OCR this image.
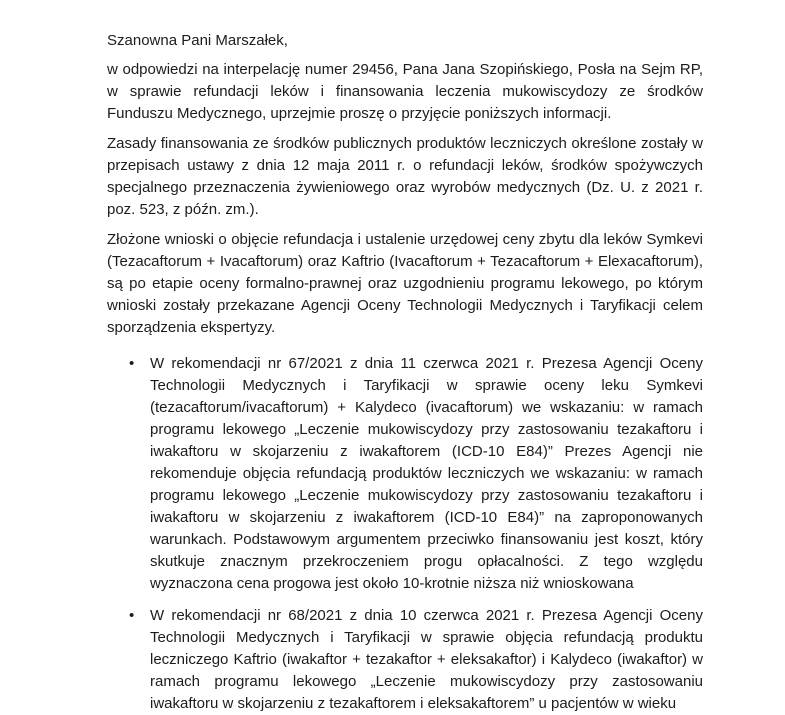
Szanowna Pani Marszałek,

w odpowiedzi na interpelację numer 29456, Pana Jana Szopińskiego, Posła na Sejm RP, w sprawie refundacji leków i finansowania leczenia mukowiscydozy ze środków Funduszu Medycznego, uprzejmie proszę o przyjęcie poniższych informacji.

Zasady finansowania ze środków publicznych produktów leczniczych określone zostały w przepisach ustawy z dnia 12 maja 2011 r. o refundacji leków, środków spożywczych specjalnego przeznaczenia żywieniowego oraz wyrobów medycznych (Dz. U. z 2021 r. poz. 523, z późn. zm.).

Złożone wnioski o objęcie refundacja i ustalenie urzędowej ceny zbytu dla leków Symkevi (Tezacaftorum + Ivacaftorum) oraz Kaftrio (Ivacaftorum + Tezacaftorum + Elexacaftorum), są po etapie oceny formalno-prawnej oraz uzgodnieniu programu lekowego, po którym wnioski zostały przekazane Agencji Oceny Technologii Medycznych i Taryfikacji celem sporządzenia ekspertyzy.

• W rekomendacji nr 67/2021 z dnia 11 czerwca 2021 r. Prezesa Agencji Oceny Technologii Medycznych i Taryfikacji w sprawie oceny leku Symkevi (tezacaftorum/ivacaftorum) + Kalydeco (ivacaftorum) we wskazaniu: w ramach programu lekowego „Leczenie mukowiscydozy przy zastosowaniu tezakaftoru i iwakaftoru w skojarzeniu z iwakaftorem (ICD-10 E84)” Prezes Agencji nie rekomenduje objęcia refundacją produktów leczniczych we wskazaniu: w ramach programu lekowego „Leczenie mukowiscydozy przy zastosowaniu tezakaftoru i iwakaftoru w skojarzeniu z iwakaftorem (ICD-10 E84)” na zaproponowanych warunkach. Podstawowym argumentem przeciwko finansowaniu jest koszt, który skutkuje znacznym przekroczeniem progu opłacalności. Z tego względu wyznaczona cena progowa jest około 10-krotnie niższa niż wnioskowana
• W rekomendacji nr 68/2021 z dnia 10 czerwca 2021 r. Prezesa Agencji Oceny Technologii Medycznych i Taryfikacji w sprawie objęcia refundacją produktu leczniczego Kaftrio (iwakaftor + tezakaftor + eleksakaftor) i Kalydeco (iwakaftor) w ramach programu lekowego „Leczenie mukowiscydozy przy zastosowaniu iwakaftoru w skojarzeniu z tezakaftorem i eleksakaftorem” u pacjentów w wieku
